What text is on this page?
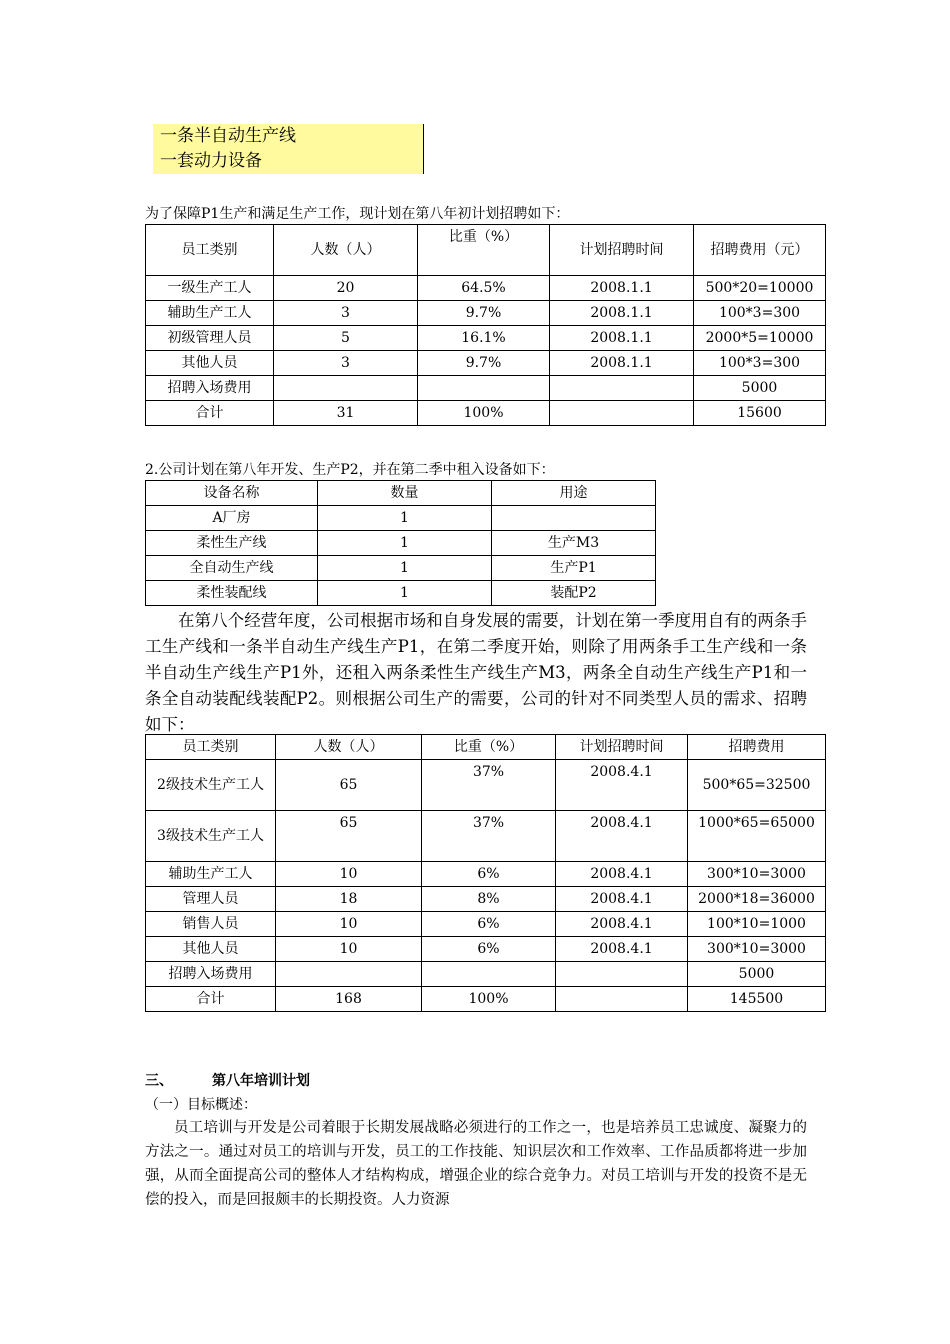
一条半自动生产线
一套动力设备
为了保障P1生产和满足生产工作，现计划在第八年初计划招聘如下：
员工类别	人数（人）	比重（%）	计划招聘时间	招聘费用（元）
一级生产工人	20	64.5%	2008.1.1	500*20=10000
辅助生产工人	3	9.7%	2008.1.1	100*3=300
初级管理人员	5	16.1%	2008.1.1	2000*5=10000
其他人员	3	9.7%	2008.1.1	100*3=300
招聘入场费用				5000
合计	31	100%		15600
2.公司计划在第八年开发、生产P2，并在第二季中租入设备如下：
设备名称	数量	用途
A厂房	1	
柔性生产线	1	生产M3
全自动生产线	1	生产P1
柔性装配线	1	装配P2
在第八个经营年度，公司根据市场和自身发展的需要，计划在第一季度用自有的两条手工生产线和一条半自动生产线生产P1，在第二季度开始，则除了用两条手工生产线和一条半自动生产线生产P1外，还租入两条柔性生产线生产M3，两条全自动生产线生产P1和一条全自动装配线装配P2。则根据公司生产的需要，公司的针对不同类型人员的需求、招聘如下：
员工类别	人数（人）	比重（%）	计划招聘时间	招聘费用
2级技术生产工人	65	37%	2008.4.1	500*65=32500
3级技术生产工人	65	37%	2008.4.1	1000*65=65000
辅助生产工人	10	6%	2008.4.1	300*10=3000
管理人员	18	8%	2008.4.1	2000*18=36000
销售人员	10	6%	2008.4.1	100*10=1000
其他人员	10	6%	2008.4.1	300*10=3000
招聘入场费用				5000
合计	168	100%		145500
三、	第八年培训计划
（一）目标概述：
员工培训与开发是公司着眼于长期发展战略必须进行的工作之一，也是培养员工忠诚度、凝聚力的方法之一。通过对员工的培训与开发，员工的工作技能、知识层次和工作效率、工作品质都将进一步加强，从而全面提高公司的整体人才结构构成，增强企业的综合竞争力。对员工培训与开发的投资不是无偿的投入，而是回报颇丰的长期投资。人力资源
